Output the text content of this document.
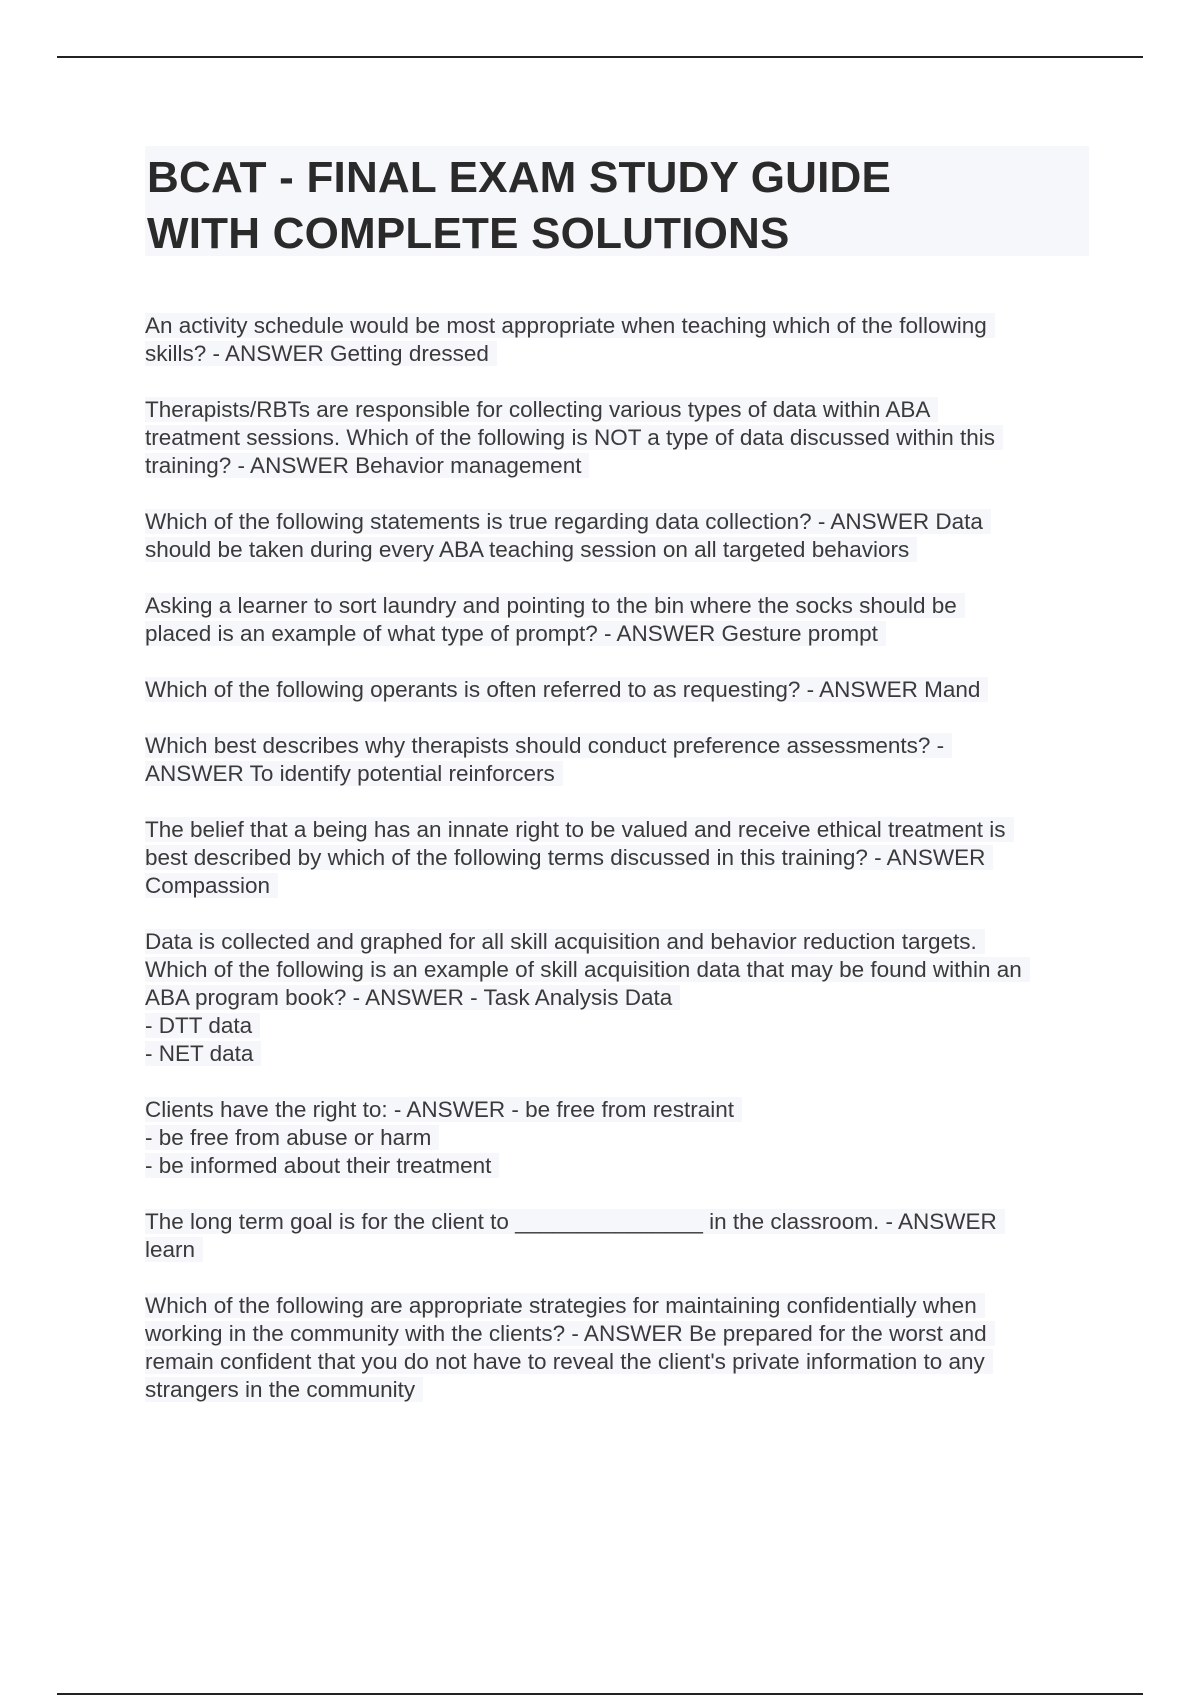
BCAT - FINAL EXAM STUDY GUIDE
WITH COMPLETE SOLUTIONS
An activity schedule would be most appropriate when teaching which of the following
skills? - ANSWER Getting dressed
Therapists/RBTs are responsible for collecting various types of data within ABA
treatment sessions. Which of the following is NOT a type of data discussed within this
training? - ANSWER Behavior management
Which of the following statements is true regarding data collection? - ANSWER Data
should be taken during every ABA teaching session on all targeted behaviors
Asking a learner to sort laundry and pointing to the bin where the socks should be
placed is an example of what type of prompt? - ANSWER Gesture prompt
Which of the following operants is often referred to as requesting? - ANSWER Mand
Which best describes why therapists should conduct preference assessments? -
ANSWER To identify potential reinforcers
The belief that a being has an innate right to be valued and receive ethical treatment is
best described by which of the following terms discussed in this training? - ANSWER
Compassion
Data is collected and graphed for all skill acquisition and behavior reduction targets.
Which of the following is an example of skill acquisition data that may be found within an
ABA program book? - ANSWER - Task Analysis Data
- DTT data
- NET data
Clients have the right to: - ANSWER - be free from restraint
- be free from abuse or harm
- be informed about their treatment
The long term goal is for the client to _______________ in the classroom. - ANSWER
learn
Which of the following are appropriate strategies for maintaining confidentially when
working in the community with the clients? - ANSWER Be prepared for the worst and
remain confident that you do not have to reveal the client's private information to any
strangers in the community
